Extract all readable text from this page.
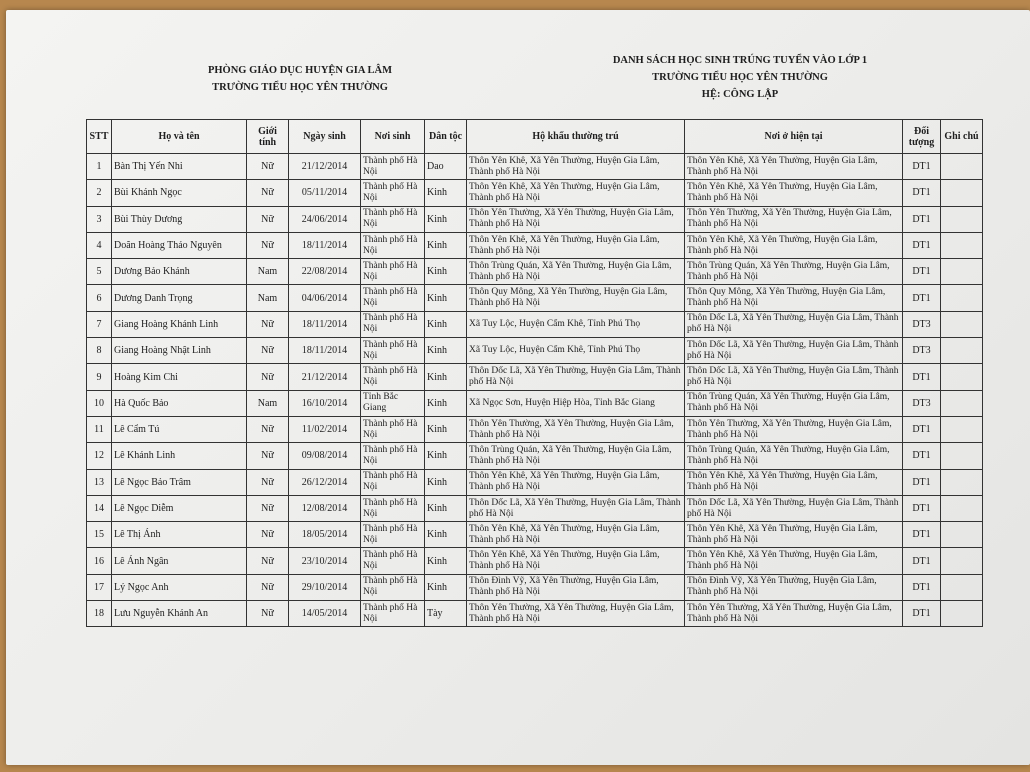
PHÒNG GIÁO DỤC HUYỆN GIA LÂM
TRƯỜNG TIỂU HỌC YÊN THƯỜNG
DANH SÁCH HỌC SINH TRÚNG TUYỂN VÀO LỚP 1
TRƯỜNG TIỂU HỌC YÊN THƯỜNG
HỆ: CÔNG LẬP
STT	Họ và tên	Giới tính	Ngày sinh	Nơi sinh	Dân tộc	Hộ khẩu thường trú	Nơi ở hiện tại	Đối tượng	Ghi chú
1	Bàn Thị Yến Nhi	Nữ	21/12/2014	Thành phố Hà Nội	Dao	Thôn Yên Khê, Xã Yên Thường, Huyện Gia Lâm, Thành phố Hà Nội	Thôn Yên Khê, Xã Yên Thường, Huyện Gia Lâm, Thành phố Hà Nội	DT1	
2	Bùi Khánh Ngọc	Nữ	05/11/2014	Thành phố Hà Nội	Kinh	Thôn Yên Khê, Xã Yên Thường, Huyện Gia Lâm, Thành phố Hà Nội	Thôn Yên Khê, Xã Yên Thường, Huyện Gia Lâm, Thành phố Hà Nội	DT1	
3	Bùi Thùy Dương	Nữ	24/06/2014	Thành phố Hà Nội	Kinh	Thôn Yên Thường, Xã Yên Thường, Huyện Gia Lâm, Thành phố Hà Nội	Thôn Yên Thường, Xã Yên Thường, Huyện Gia Lâm, Thành phố Hà Nội	DT1	
4	Doãn Hoàng Thảo Nguyên	Nữ	18/11/2014	Thành phố Hà Nội	Kinh	Thôn Yên Khê, Xã Yên Thường, Huyện Gia Lâm, Thành phố Hà Nội	Thôn Yên Khê, Xã Yên Thường, Huyện Gia Lâm, Thành phố Hà Nội	DT1	
5	Dương Bảo Khánh	Nam	22/08/2014	Thành phố Hà Nội	Kinh	Thôn Trùng Quán, Xã Yên Thường, Huyện Gia Lâm, Thành phố Hà Nội	Thôn Trùng Quán, Xã Yên Thường, Huyện Gia Lâm, Thành phố Hà Nội	DT1	
6	Dương Danh Trọng	Nam	04/06/2014	Thành phố Hà Nội	Kinh	Thôn Quy Mông, Xã Yên Thường, Huyện Gia Lâm, Thành phố Hà Nội	Thôn Quy Mông, Xã Yên Thường, Huyện Gia Lâm, Thành phố Hà Nội	DT1	
7	Giang Hoàng Khánh Linh	Nữ	18/11/2014	Thành phố Hà Nội	Kinh	Xã Tuy Lộc, Huyện Cẩm Khê, Tỉnh Phú Thọ	Thôn Dốc Lã, Xã Yên Thường, Huyện Gia Lâm, Thành phố Hà Nội	DT3	
8	Giang Hoàng Nhật Linh	Nữ	18/11/2014	Thành phố Hà Nội	Kinh	Xã Tuy Lộc, Huyện Cẩm Khê, Tỉnh Phú Thọ	Thôn Dốc Lã, Xã Yên Thường, Huyện Gia Lâm, Thành phố Hà Nội	DT3	
9	Hoàng Kim Chi	Nữ	21/12/2014	Thành phố Hà Nội	Kinh	Thôn Dốc Lã, Xã Yên Thường, Huyện Gia Lâm, Thành phố Hà Nội	Thôn Dốc Lã, Xã Yên Thường, Huyện Gia Lâm, Thành phố Hà Nội	DT1	
10	Hà Quốc Bảo	Nam	16/10/2014	Tỉnh Bắc Giang	Kinh	Xã Ngọc Sơn, Huyện Hiệp Hòa, Tỉnh Bắc Giang	Thôn Trùng Quán, Xã Yên Thường, Huyện Gia Lâm, Thành phố Hà Nội	DT3	
11	Lê Cẩm Tú	Nữ	11/02/2014	Thành phố Hà Nội	Kinh	Thôn Yên Thường, Xã Yên Thường, Huyện Gia Lâm, Thành phố Hà Nội	Thôn Yên Thường, Xã Yên Thường, Huyện Gia Lâm, Thành phố Hà Nội	DT1	
12	Lê Khánh Linh	Nữ	09/08/2014	Thành phố Hà Nội	Kinh	Thôn Trùng Quán, Xã Yên Thường, Huyện Gia Lâm, Thành phố Hà Nội	Thôn Trùng Quán, Xã Yên Thường, Huyện Gia Lâm, Thành phố Hà Nội	DT1	
13	Lê Ngọc Bảo Trâm	Nữ	26/12/2014	Thành phố Hà Nội	Kinh	Thôn Yên Khê, Xã Yên Thường, Huyện Gia Lâm, Thành phố Hà Nội	Thôn Yên Khê, Xã Yên Thường, Huyện Gia Lâm, Thành phố Hà Nội	DT1	
14	Lê Ngọc Diễm	Nữ	12/08/2014	Thành phố Hà Nội	Kinh	Thôn Dốc Lã, Xã Yên Thường, Huyện Gia Lâm, Thành phố Hà Nội	Thôn Dốc Lã, Xã Yên Thường, Huyện Gia Lâm, Thành phố Hà Nội	DT1	
15	Lê Thị Ánh	Nữ	18/05/2014	Thành phố Hà Nội	Kinh	Thôn Yên Khê, Xã Yên Thường, Huyện Gia Lâm, Thành phố Hà Nội	Thôn Yên Khê, Xã Yên Thường, Huyện Gia Lâm, Thành phố Hà Nội	DT1	
16	Lê Ánh Ngân	Nữ	23/10/2014	Thành phố Hà Nội	Kinh	Thôn Yên Khê, Xã Yên Thường, Huyện Gia Lâm, Thành phố Hà Nội	Thôn Yên Khê, Xã Yên Thường, Huyện Gia Lâm, Thành phố Hà Nội	DT1	
17	Lý Ngọc Anh	Nữ	29/10/2014	Thành phố Hà Nội	Kinh	Thôn Đình Vỹ, Xã Yên Thường, Huyện Gia Lâm, Thành phố Hà Nội	Thôn Đình Vỹ, Xã Yên Thường, Huyện Gia Lâm, Thành phố Hà Nội	DT1	
18	Lưu Nguyễn Khánh An	Nữ	14/05/2014	Thành phố Hà Nội	Tày	Thôn Yên Thường, Xã Yên Thường, Huyện Gia Lâm, Thành phố Hà Nội	Thôn Yên Thường, Xã Yên Thường, Huyện Gia Lâm, Thành phố Hà Nội	DT1	
